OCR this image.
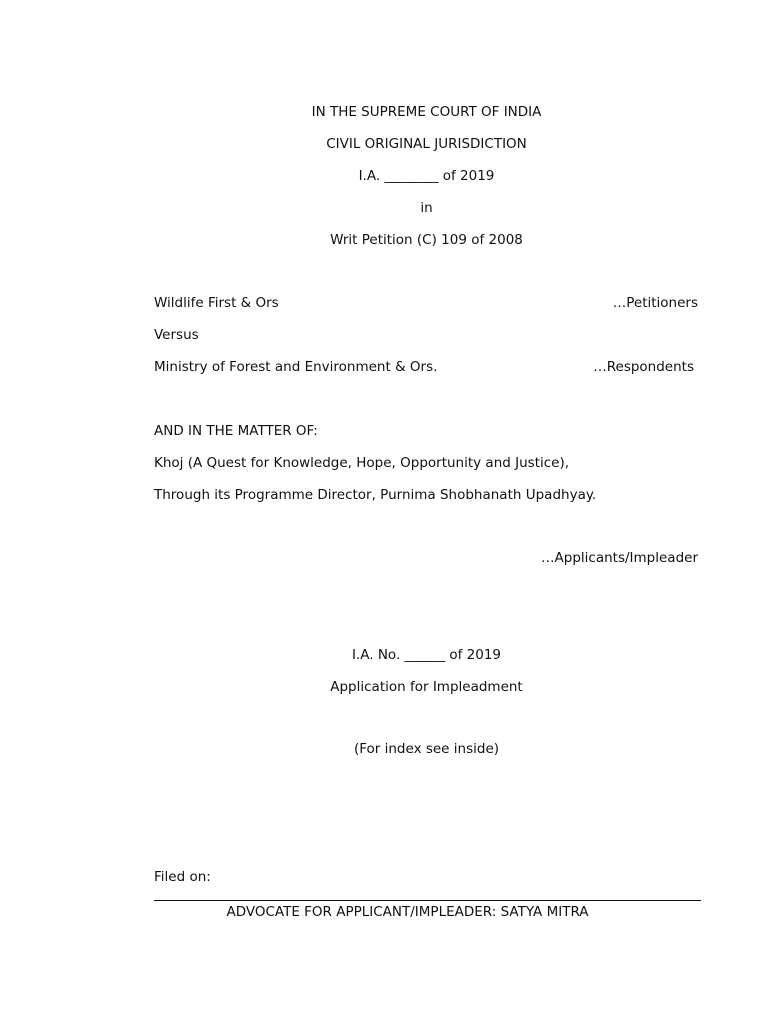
IN THE SUPREME COURT OF INDIA
CIVIL ORIGINAL JURISDICTION
I.A. ________ of 2019
in
Writ Petition (C) 109 of 2008
Wildlife First & Ors	…Petitioners
Versus
Ministry of Forest and Environment & Ors.	…Respondents
AND IN THE MATTER OF:
Khoj (A Quest for Knowledge, Hope, Opportunity and Justice),
Through its Programme Director, Purnima Shobhanath Upadhyay.
…Applicants/Impleader
I.A. No. ______ of 2019
Application for Impleadment
(For index see inside)
Filed on:
ADVOCATE FOR APPLICANT/IMPLEADER: SATYA MITRA
